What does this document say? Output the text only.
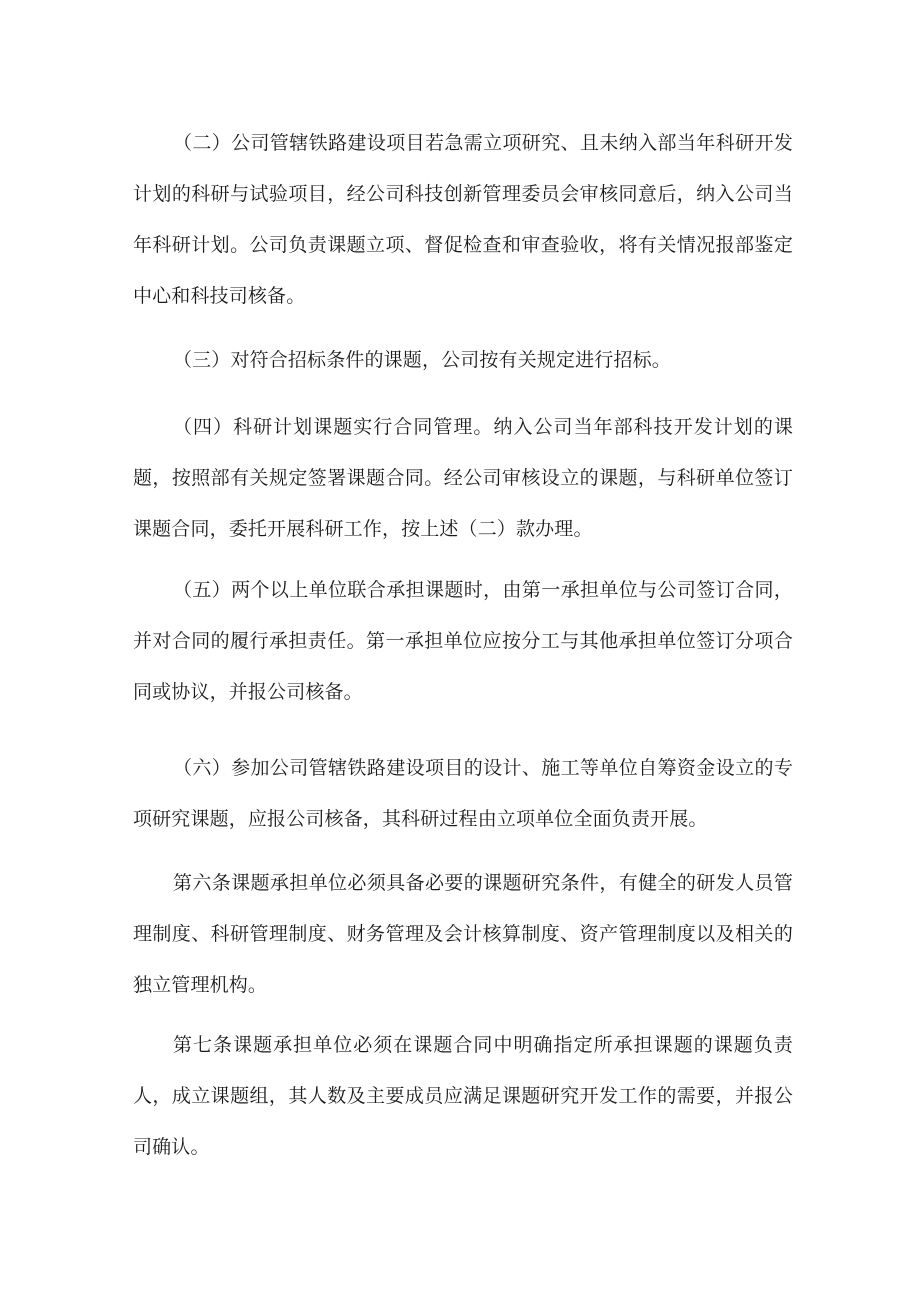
（二）公司管辖铁路建设项目若急需立项研究、且未纳入部当年科研开发计划的科研与试验项目，经公司科技创新管理委员会审核同意后，纳入公司当年科研计划。公司负责课题立项、督促检查和审查验收，将有关情况报部鉴定中心和科技司核备。

（三）对符合招标条件的课题，公司按有关规定进行招标。

（四）科研计划课题实行合同管理。纳入公司当年部科技开发计划的课题，按照部有关规定签署课题合同。经公司审核设立的课题，与科研单位签订课题合同，委托开展科研工作，按上述（二）款办理。

（五）两个以上单位联合承担课题时，由第一承担单位与公司签订合同，并对合同的履行承担责任。第一承担单位应按分工与其他承担单位签订分项合同或协议，并报公司核备。

（六）参加公司管辖铁路建设项目的设计、施工等单位自筹资金设立的专项研究课题，应报公司核备，其科研过程由立项单位全面负责开展。

第六条课题承担单位必须具备必要的课题研究条件，有健全的研发人员管理制度、科研管理制度、财务管理及会计核算制度、资产管理制度以及相关的独立管理机构。

第七条课题承担单位必须在课题合同中明确指定所承担课题的课题负责人，成立课题组，其人数及主要成员应满足课题研究开发工作的需要，并报公司确认。
